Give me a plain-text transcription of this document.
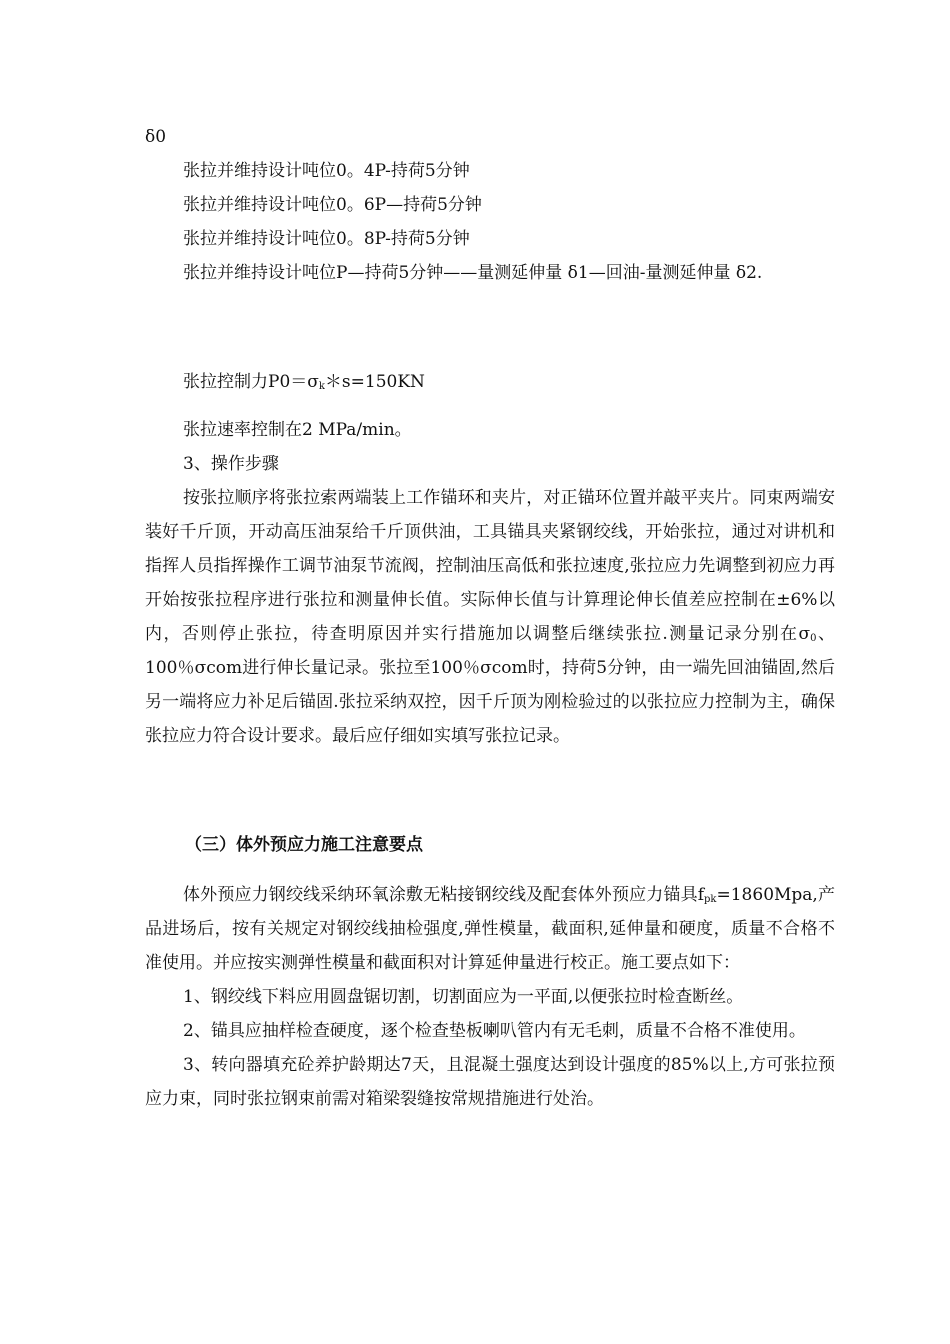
δ0

张拉并维持设计吨位0。4P-持荷5分钟

张拉并维持设计吨位0。6P—持荷5分钟

张拉并维持设计吨位0。8P-持荷5分钟

张拉并维持设计吨位P—持荷5分钟——量测延伸量 δ1—回油-量测延伸量 δ2.

张拉控制力$P0=\sigma_k*s=150KN$

张拉速率控制在2 MPa/min。

3、操作步骤

按张拉顺序将张拉索两端装上工作锚环和夹片，对正锚环位置并敲平夹片。同束两端安装好千斤顶，开动高压油泵给千斤顶供油，工具锚具夹紧钢绞线，开始张拉，通过对讲机和指挥人员指挥操作工调节油泵节流阀，控制油压高低和张拉速度,张拉应力先调整到初应力再开始按张拉程序进行张拉和测量伸长值。实际伸长值与计算理论伸长值差应控制在±6%以内，否则停止张拉，待查明原因并实行措施加以调整后继续张拉.测量记录分别在$\sigma_0$、100％σcom进行伸长量记录。张拉至100％σcom时，持荷5分钟，由一端先回油锚固,然后另一端将应力补足后锚固.张拉采纳双控，因千斤顶为刚检验过的以张拉应力控制为主，确保张拉应力符合设计要求。最后应仔细如实填写张拉记录。

（三）体外预应力施工注意要点

体外预应力钢绞线采纳环氧涂敷无粘接钢绞线及配套体外预应力锚具$f_{pk}=1860Mpa$,产品进场后，按有关规定对钢绞线抽检强度,弹性模量，截面积,延伸量和硬度，质量不合格不准使用。并应按实测弹性模量和截面积对计算延伸量进行校正。施工要点如下：

1、钢绞线下料应用圆盘锯切割，切割面应为一平面,以便张拉时检查断丝。

2、锚具应抽样检查硬度，逐个检查垫板喇叭管内有无毛刺，质量不合格不准使用。

3、转向器填充砼养护龄期达7天，且混凝土强度达到设计强度的85%以上,方可张拉预应力束，同时张拉钢束前需对箱梁裂缝按常规措施进行处治。
